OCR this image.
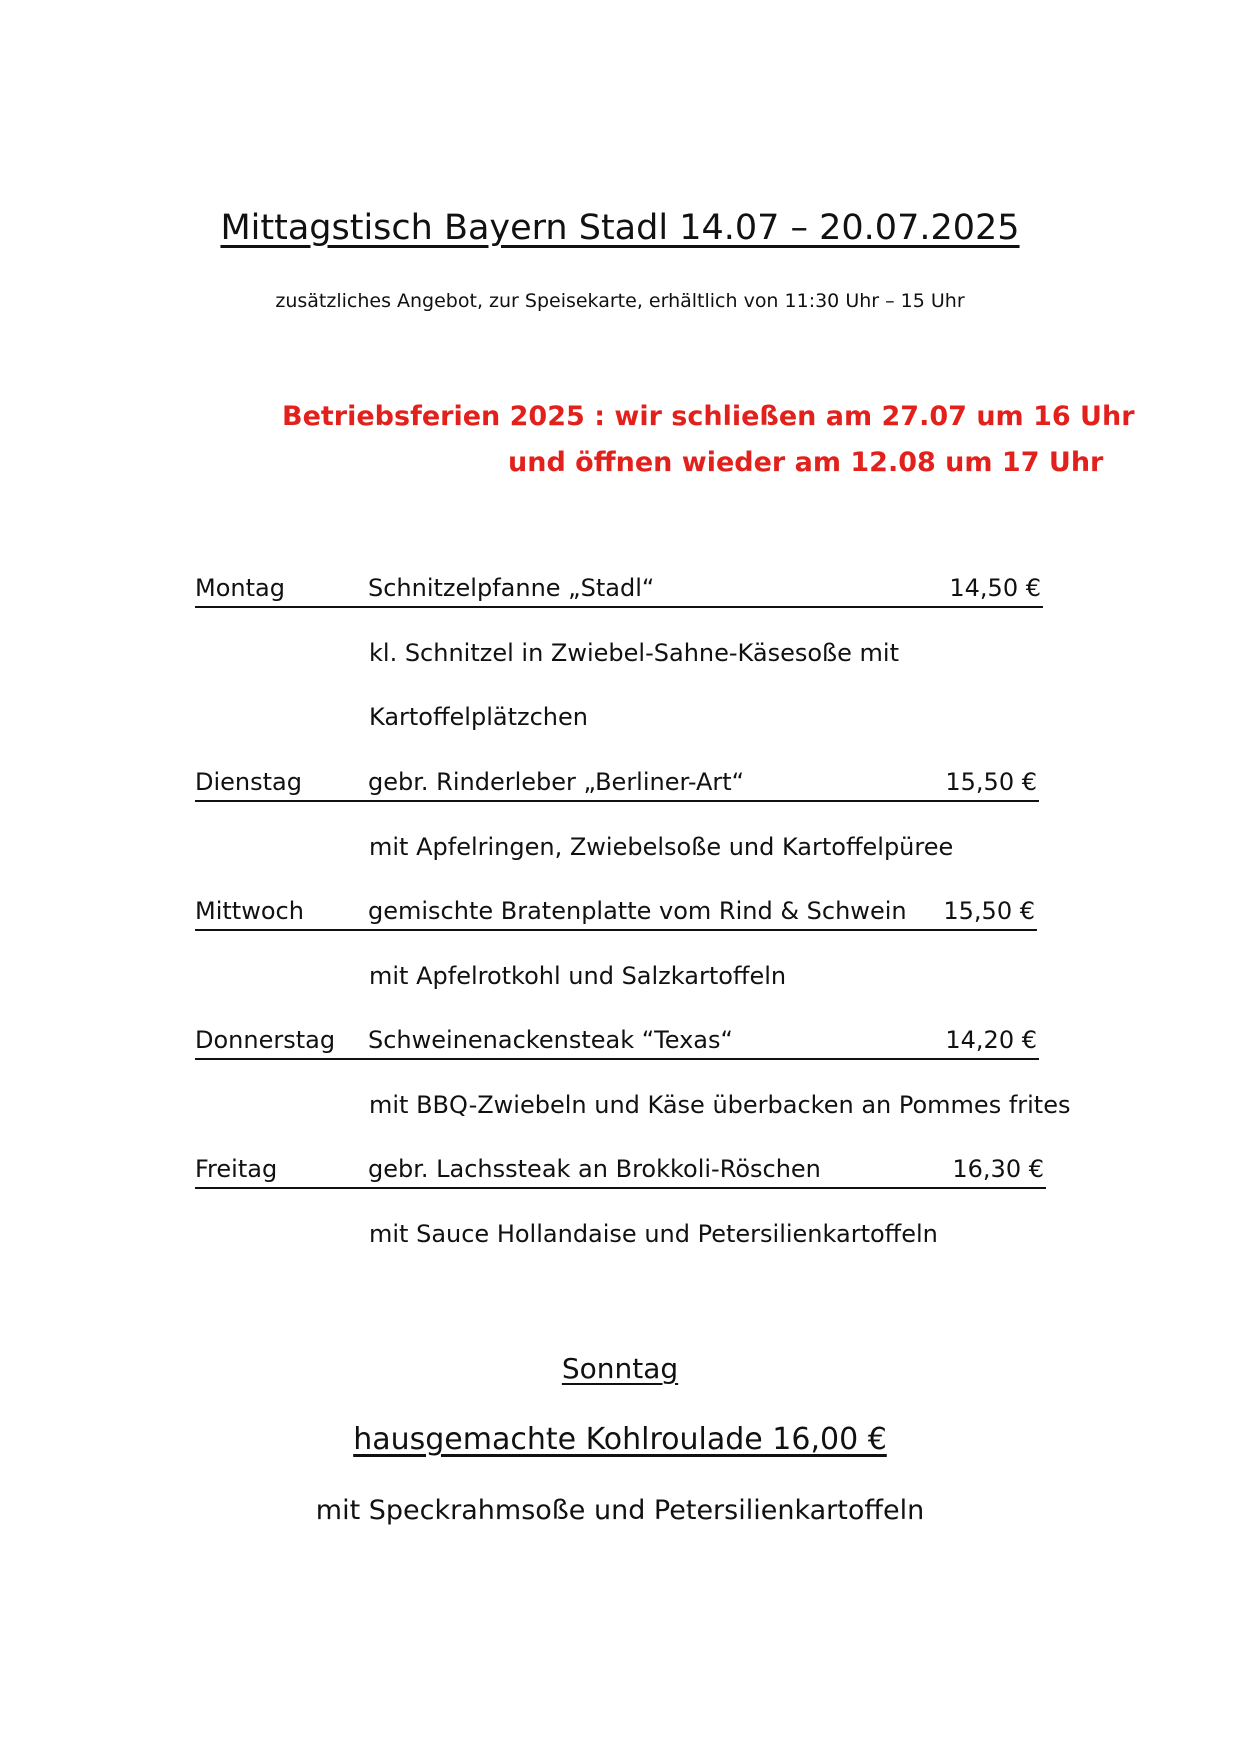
Mittagstisch Bayern Stadl 14.07 – 20.07.2025
zusätzliches Angebot, zur Speisekarte, erhältlich von 11:30 Uhr – 15 Uhr
Betriebsferien 2025 : wir schließen am 27.07 um 16 Uhr
und öffnen wieder am 12.08 um 17 Uhr
Montag	Schnitzelpfanne „Stadl“	14,50 €
kl. Schnitzel in Zwiebel-Sahne-Käsesoße mit
Kartoffelplätzchen
Dienstag	gebr. Rinderleber „Berliner-Art“	15,50 €
mit Apfelringen, Zwiebelsoße und Kartoffelpüree
Mittwoch	gemischte Bratenplatte vom Rind & Schwein 15,50 €
mit Apfelrotkohl und Salzkartoffeln
Donnerstag Schweinenackensteak “Texas“	14,20 €
mit BBQ-Zwiebeln und Käse überbacken an Pommes frites
Freitag	gebr. Lachssteak an Brokkoli-Röschen	16,30 €
mit Sauce Hollandaise und Petersilienkartoffeln
Sonntag
hausgemachte Kohlroulade 16,00 €
mit Speckrahmsoße und Petersilienkartoffeln
